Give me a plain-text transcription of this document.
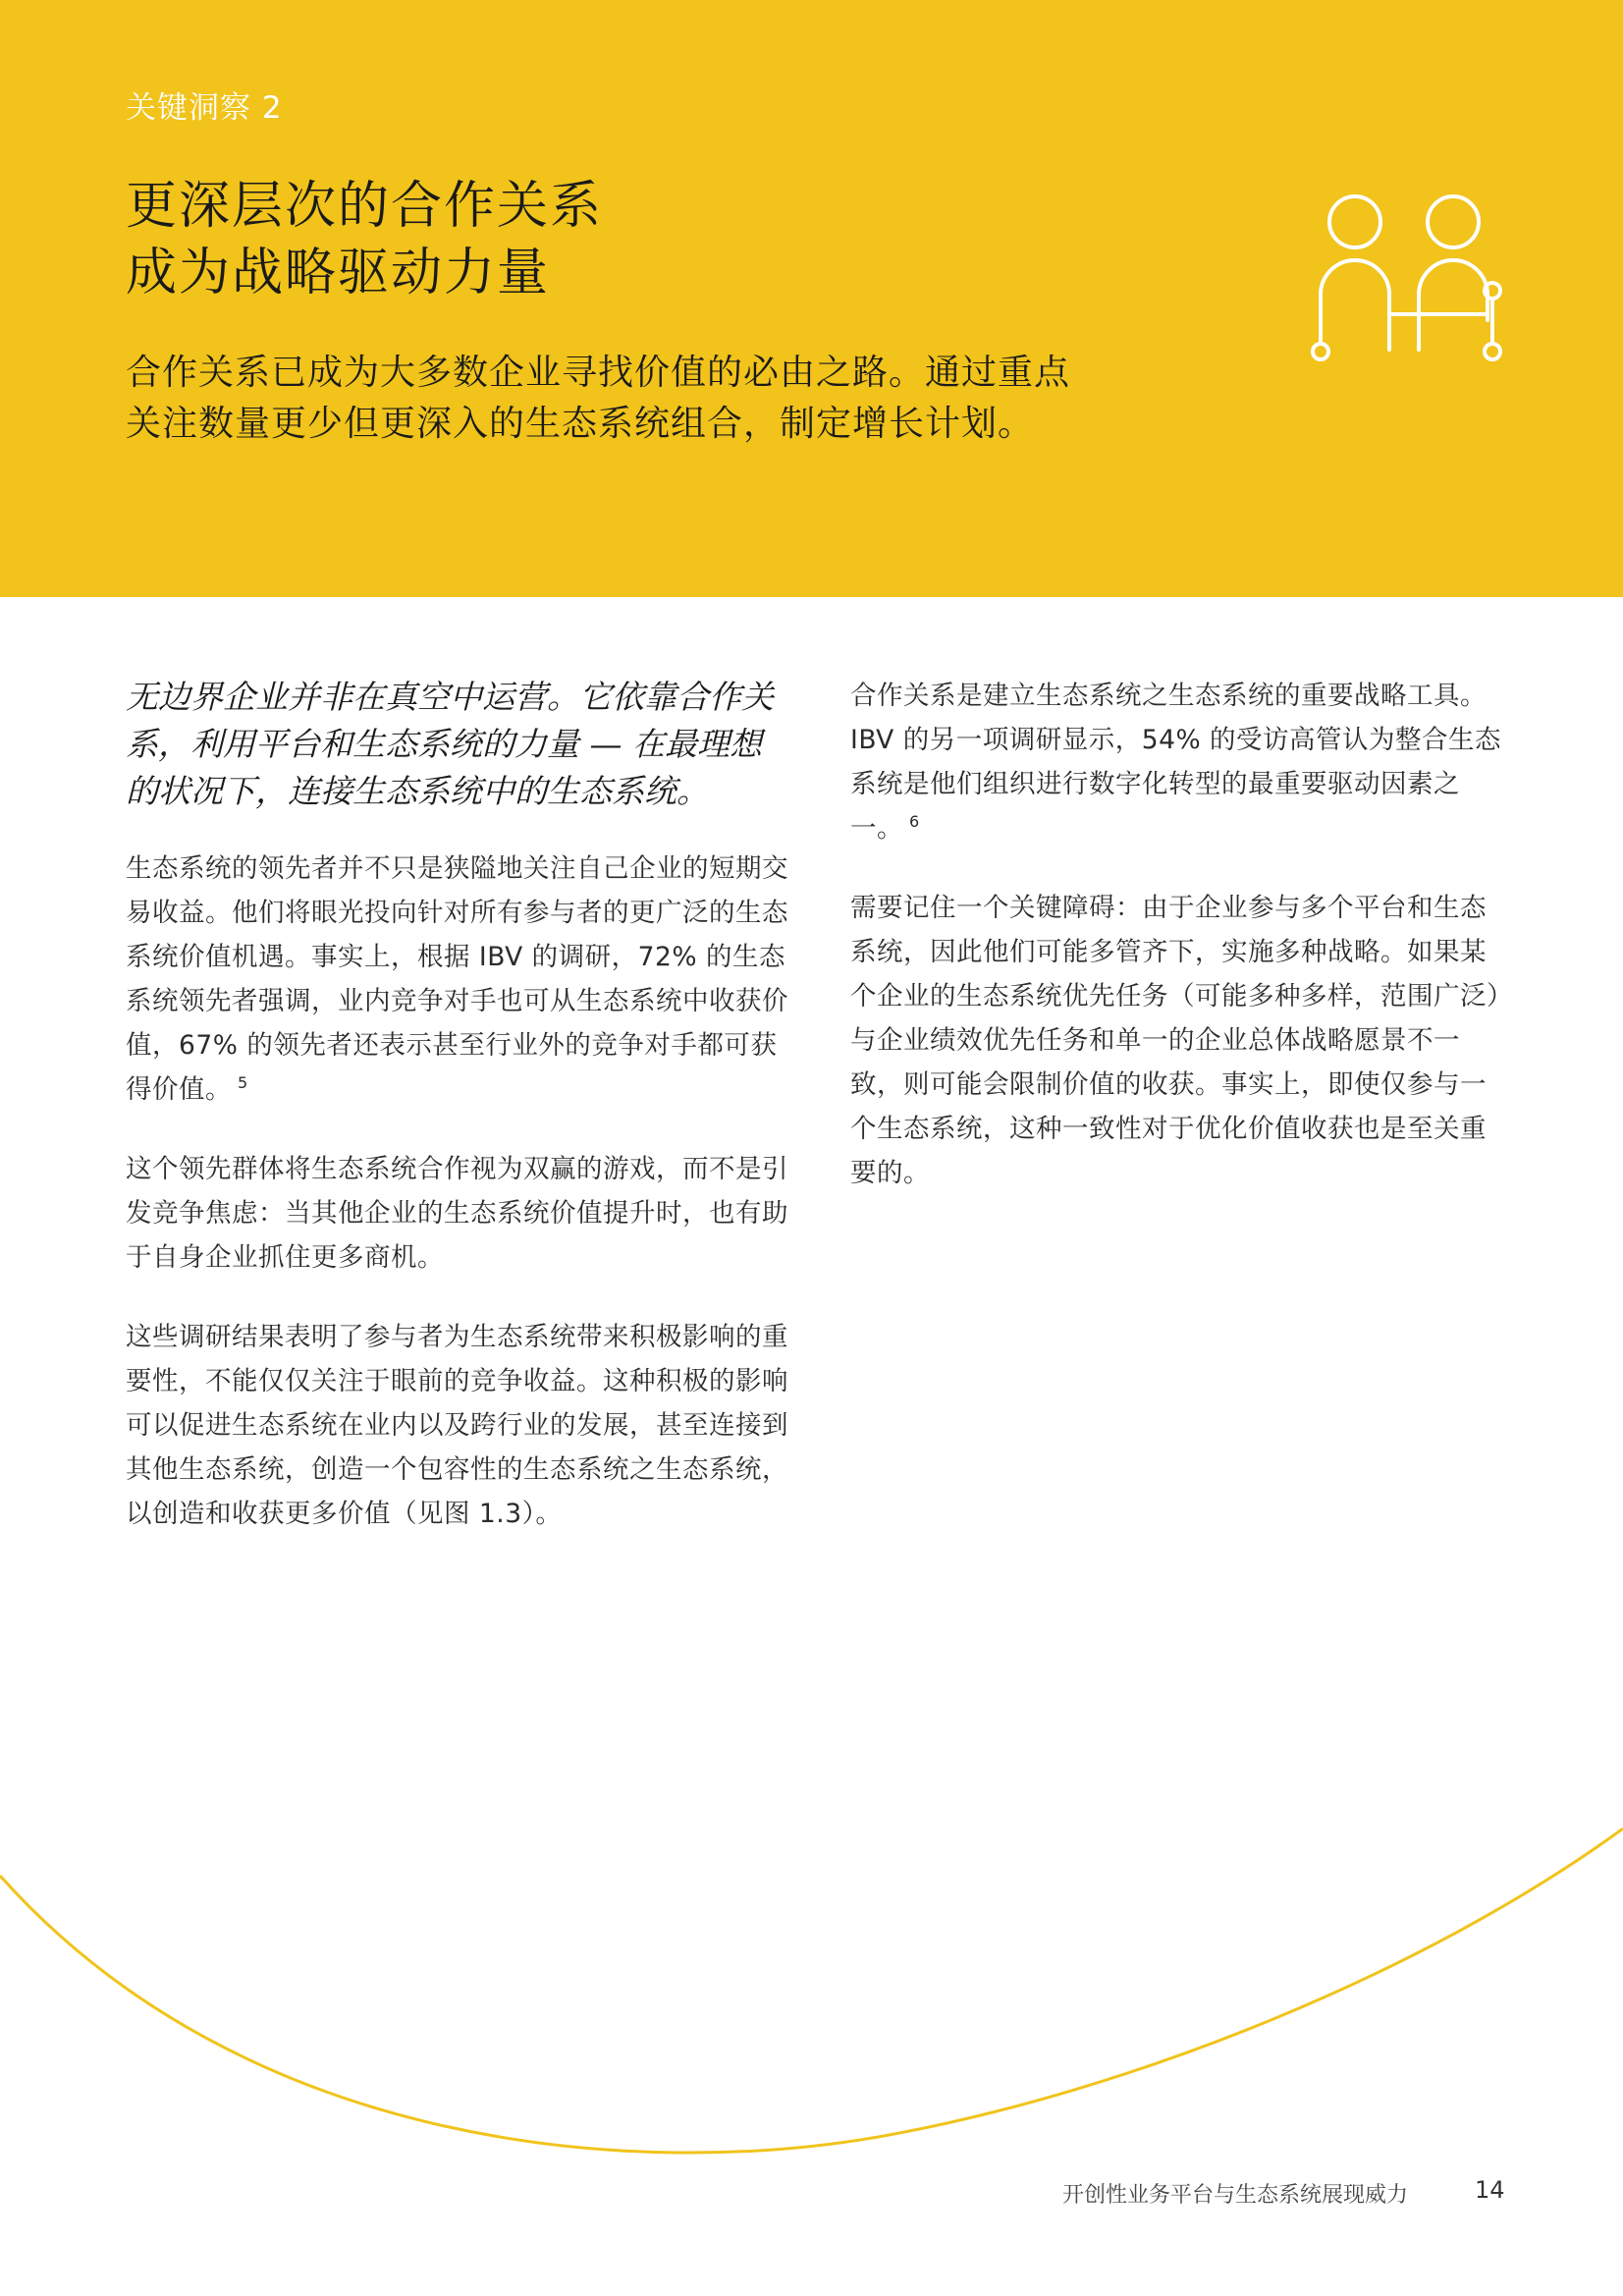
关键洞察 2

更深层次的合作关系
成为战略驱动力量

合作关系已成为大多数企业寻找价值的必由之路。通过重点
关注数量更少但更深入的生态系统组合，制定增长计划。

无边界企业并非在真空中运营。它依靠合作关系，利用平台和生态系统的力量 — 在最理想的状况下，连接生态系统中的生态系统。

生态系统的领先者并不只是狭隘地关注自己企业的短期交易收益。他们将眼光投向针对所有参与者的更广泛的生态系统价值机遇。事实上，根据 IBV 的调研，72% 的生态系统领先者强调，业内竞争对手也可从生态系统中收获价值，67% 的领先者还表示甚至行业外的竞争对手都可获得价值。 $^5$

这个领先群体将生态系统合作视为双赢的游戏，而不是引发竞争焦虑：当其他企业的生态系统价值提升时，也有助于自身企业抓住更多商机。

这些调研结果表明了参与者为生态系统带来积极影响的重要性，不能仅仅关注于眼前的竞争收益。这种积极的影响可以促进生态系统在业内以及跨行业的发展，甚至连接到其他生态系统，创造一个包容性的生态系统之生态系统，以创造和收获更多价值（见图 1.3）。

合作关系是建立生态系统之生态系统的重要战略工具。IBV 的另一项调研显示，54% 的受访高管认为整合生态系统是他们组织进行数字化转型的最重要驱动因素之一。 $^6$

需要记住一个关键障碍：由于企业参与多个平台和生态系统，因此他们可能多管齐下，实施多种战略。如果某个企业的生态系统优先任务（可能多种多样，范围广泛）与企业绩效优先任务和单一的企业总体战略愿景不一致，则可能会限制价值的收获。事实上，即使仅参与一个生态系统，这种一致性对于优化价值收获也是至关重要的。

开创性业务平台与生态系统展现威力	14
